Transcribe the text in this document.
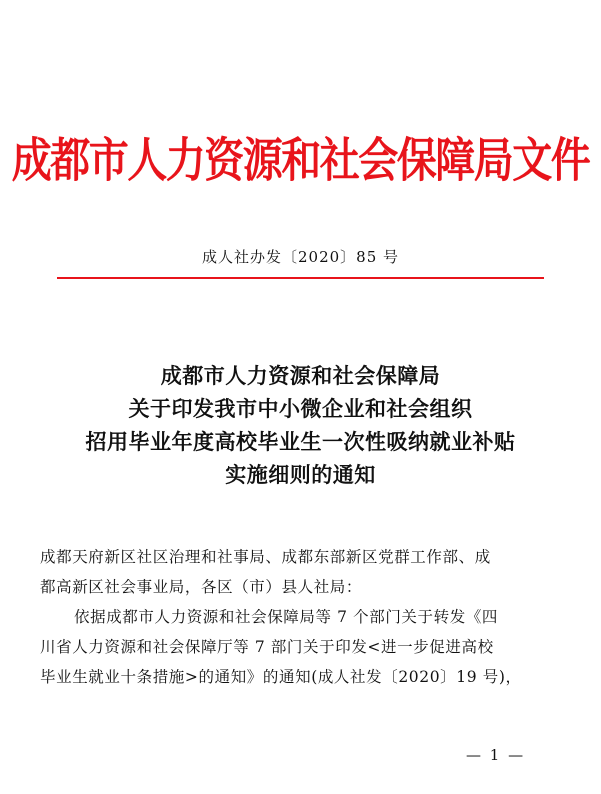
成都市人力资源和社会保障局文件
成人社办发〔2020〕85 号
成都市人力资源和社会保障局
关于印发我市中小微企业和社会组织
招用毕业年度高校毕业生一次性吸纳就业补贴
实施细则的通知
成都天府新区社区治理和社事局、成都东部新区党群工作部、成
都高新区社会事业局，各区（市）县人社局：
依据成都市人力资源和社会保障局等 7 个部门关于转发《四
川省人力资源和社会保障厅等 7 部门关于印发<进一步促进高校
毕业生就业十条措施>的通知》的通知(成人社发〔2020〕19 号)，
— 1 —
